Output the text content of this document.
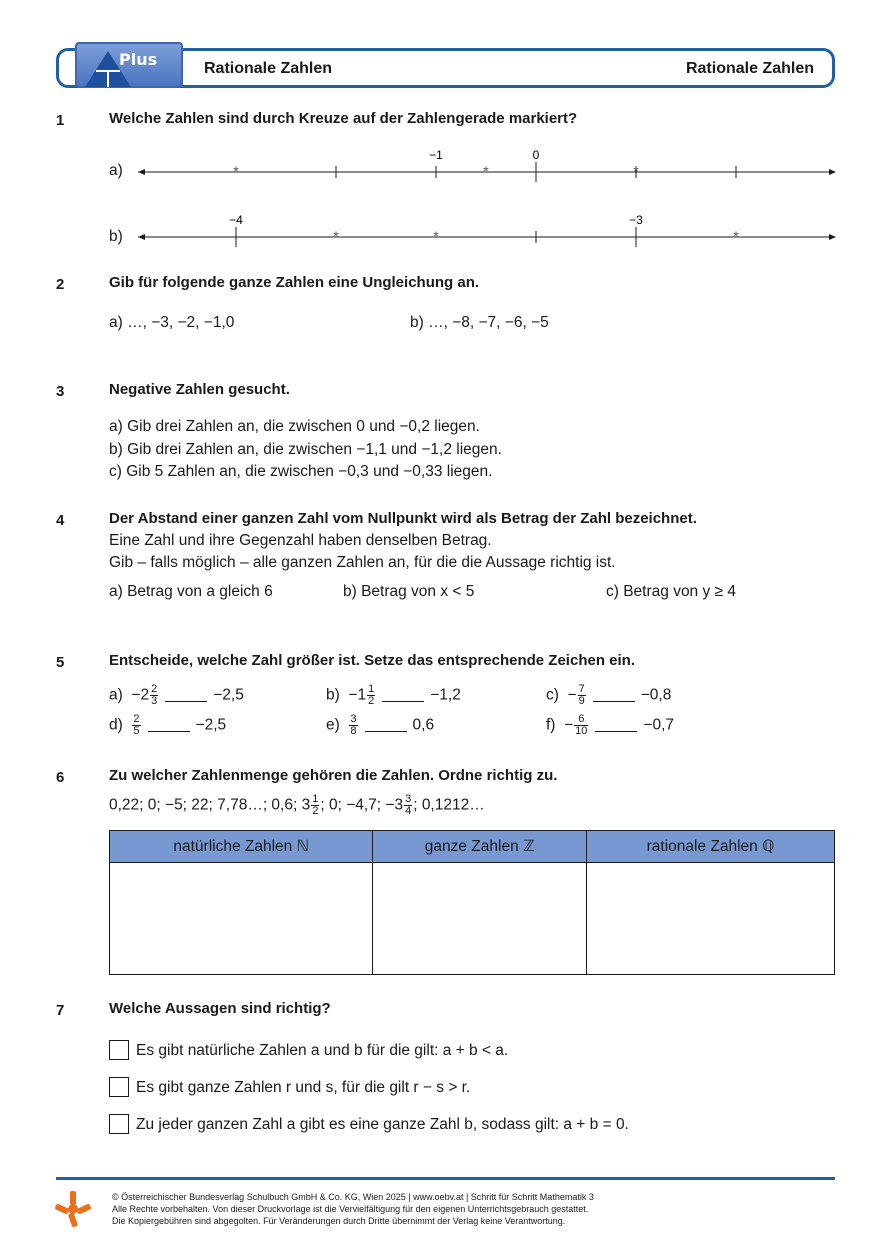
Plus	Rationale Zahlen	Rationale Zahlen
1	Welche Zahlen sind durch Kreuze auf der Zahlengerade markiert?
a)
−1	0
*	*	*
b)
−4	−3
*	*	*
2	Gib für folgende ganze Zahlen eine Ungleichung an.
a) …, −3, −2, −1,0	b) …, −8, −7, −6, −5
3	Negative Zahlen gesucht.
a) Gib drei Zahlen an, die zwischen 0 und −0,2 liegen.
b) Gib drei Zahlen an, die zwischen −1,1 und −1,2 liegen.
c) Gib 5 Zahlen an, die zwischen −0,3 und −0,33 liegen.
4	Der Abstand einer ganzen Zahl vom Nullpunkt wird als Betrag der Zahl bezeichnet.
Eine Zahl und ihre Gegenzahl haben denselben Betrag.
Gib – falls möglich – alle ganzen Zahlen an, für die die Aussage richtig ist.
a) Betrag von a gleich 6	b) Betrag von x < 5	c) Betrag von y ≥ 4
5	Entscheide, welche Zahl größer ist. Setze das entsprechende Zeichen ein.
$a) -2 \frac{2}{3}$	−2,5	$b) -1 \frac{1}{2}$	−1,2	$c) - \frac{7}{9}$	−0,8
$d) \frac{2}{5}$	−2,5	$e) \frac{3}{8}$	0,6	$f) - \frac{6}{10}$	−0,7
6	Zu welcher Zahlenmenge gehören die Zahlen. Ordne richtig zu.
0,22; 0; −5; 22; 7,78…; 0,6; $3 \frac{1}{2}$ ; 0; −4,7; $-3 \frac{3}{4}$ ; 0,1212…
natürliche Zahlen ℕ	ganze Zahlen ℤ	rationale Zahlen ℚ

7	Welche Aussagen sind richtig?
Es gibt natürliche Zahlen a und b für die gilt: a + b < a.
Es gibt ganze Zahlen r und s, für die gilt r − s > r.
Zu jeder ganzen Zahl a gibt es eine ganze Zahl b, sodass gilt: a + b = 0.
© Österreichischer Bundesverlag Schulbuch GmbH & Co. KG, Wien 2025 | www.oebv.at | Schritt für Schritt Mathematik 3
Alle Rechte vorbehalten. Von dieser Druckvorlage ist die Vervielfältigung für den eigenen Unterrichtsgebrauch gestattet.
Die Kopiergebühren sind abgegolten. Für Veränderungen durch Dritte übernimmt der Verlag keine Verantwortung.
